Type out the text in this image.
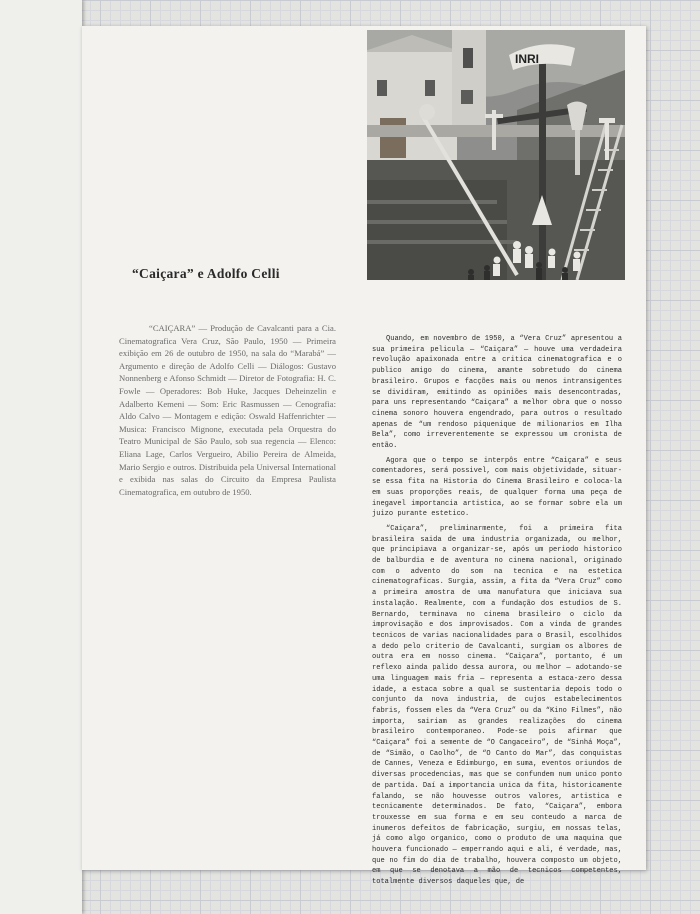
INRI
“Caiçara” e Adolfo Celli

“CAIÇARA” — Produção de Cavalcanti para a Cia. Cinematografica Vera Cruz, São Paulo, 1950 — Primeira exibição em 26 de outubro de 1950, na sala do “Marabá” — Argumento e direção de Adolfo Celli — Diálogos: Gustavo Nonnenberg e Afonso Schmidt — Diretor de Fotografia: H. C. Fowle — Operadores: Bob Huke, Jacques Deheinzelin e Adalberto Kemeni — Som: Eric Rasmussen — Cenografia: Aldo Calvo — Montagem e edição: Oswald Haffenrichter — Musica: Francisco Mignone, executada pela Orquestra do Teatro Municipal de São Paulo, sob sua regencia — Elenco: Eliana Lage, Carlos Vergueiro, Abilio Pereira de Almeida, Mario Sergio e outros. Distribuida pela Universal International e exibida nas salas do Circuito da Empresa Paulista Cinematografica, em outubro de 1950.

Quando, em novembro de 1950, a “Vera Cruz” apresentou a sua primeira pelicula — “Caiçara” — houve uma verdadeira revolução apaixonada entre a critica cinematografica e o publico amigo do cinema, amante sobretudo do cinema brasileiro. Grupos e facções mais ou menos intransigentes se dividiram, emitindo as opiniões mais desencontradas, para uns representando “Caiçara” a melhor obra que o nosso cinema sonoro houvera engendrado, para outros o resultado apenas de “um rendoso piquenique de milionarios em Ilha Bela”, como irreverentemente se expressou um cronista de então.

Agora que o tempo se interpôs entre “Caiçara” e seus comentadores, será possivel, com mais objetividade, situar-se essa fita na Historia do Cinema Brasileiro e coloca-la em suas proporções reais, de qualquer forma uma peça de inegavel importancia artistica, ao se formar sobre ela um juizo purante estetico.

“Caiçara”, preliminarmente, foi a primeira fita brasileira saida de uma industria organizada, ou melhor, que principiava a organizar-se, após um periodo historico de balburdia e de aventura no cinema nacional, originado com o advento do som na tecnica e na estetica cinematograficas. Surgia, assim, a fita da “Vera Cruz” como a primeira amostra de uma manufatura que iniciava sua instalação. Realmente, com a fundação dos estudios de S. Bernardo, terminava no cinema brasileiro o ciclo da improvisação e dos improvisados. Com a vinda de grandes tecnicos de varias nacionalidades para o Brasil, escolhidos a dedo pelo criterio de Cavalcanti, surgiam os albores de outra era em nosso cinema. “Caiçara”, portanto, é um reflexo ainda palido dessa aurora, ou melhor — adotando-se uma linguagem mais fria — representa a estaca-zero dessa idade, a estaca sobre a qual se sustentaria depois todo o conjunto da nova industria, de cujos estabelecimentos fabris, fossem eles da “Vera Cruz” ou da “Kino Filmes”, não importa, sairiam as grandes realizações do cinema brasileiro contemporaneo. Pode-se pois afirmar que “Caiçara” foi a semente de “O Cangaceiro”, de “Sinhá Moça”, de “Simão, o Caolho”, de “O Canto do Mar”, das conquistas de Cannes, Veneza e Edimburgo, em suma, eventos oriundos de diversas procedencias, mas que se confundem num unico ponto de partida. Daí a importancia unica da fita, historicamente falando, se não houvesse outros valores, artistica e tecnicamente determinados. De fato, “Caiçara”, embora trouxesse em sua forma e em seu conteudo a marca de inumeros defeitos de fabricação, surgiu, em nossas telas, já como algo organico, como o produto de uma maquina que houvera funcionado — emperrando aqui e ali, é verdade, mas, que no fim do dia de trabalho, houvera composto um objeto, em que se denotava a mão de tecnicos competentes, totalmente diversos daqueles que, de
